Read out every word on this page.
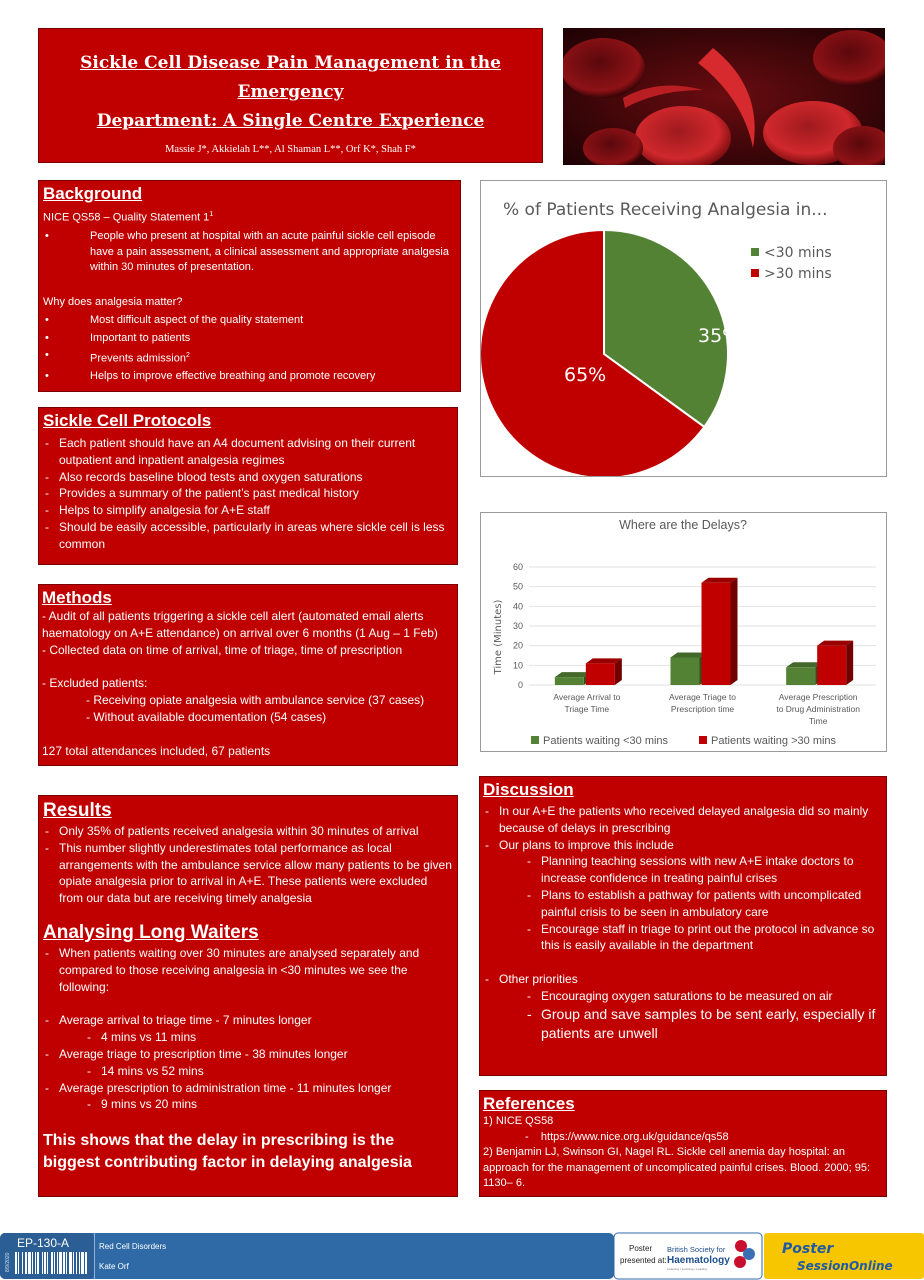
Sickle Cell Disease Pain Management in the Emergency
Department: A Single Centre Experience
Massie J*, Akkielah L**, Al Shaman L**, Orf K*, Shah F*
*Whittington Hospital NHS Trust **King Khalid University Hospital, Riyadh
Background
NICE QS58 – Quality Statement $1^1$
• People who present at hospital with an acute painful sickle cell episode have a pain assessment, a clinical assessment and appropriate analgesia within 30 minutes of presentation.
Why does analgesia matter?
• Most difficult aspect of the quality statement
• Important to patients
• Prevents admission$^2$
• Helps to improve effective breathing and promote recovery
Sickle Cell Protocols
- Each patient should have an A4 document advising on their current outpatient and inpatient analgesia regimes
- Also records baseline blood tests and oxygen saturations
- Provides a summary of the patient’s past medical history
- Helps to simplify analgesia for A+E staff
- Should be easily accessible, particularly in areas where sickle cell is less common
Methods
- Audit of all patients triggering a sickle cell alert (automated email alerts haematology on A+E attendance) on arrival over 6 months (1 Aug – 1 Feb)
- Collected data on time of arrival, time of triage, time of prescription
- Excluded patients:
- Receiving opiate analgesia with ambulance service (37 cases)
- Without available documentation (54 cases)
127 total attendances included, 67 patients
Results
- Only 35% of patients received analgesia within 30 minutes of arrival
- This number slightly underestimates total performance as local arrangements with the ambulance service allow many patients to be given opiate analgesia prior to arrival in A+E. These patients were excluded from our data but are receiving timely analgesia
Analysing Long Waiters
- When patients waiting over 30 minutes are analysed separately and compared to those receiving analgesia in <30 minutes we see the following:
- Average arrival to triage time - 7 minutes longer
- 4 mins vs 11 mins
- Average triage to prescription time - 38 minutes longer
- 14 mins vs 52 mins
- Average prescription to administration time - 11 minutes longer
- 9 mins vs 20 mins
This shows that the delay in prescribing is the biggest contributing factor in delaying analgesia
% of Patients Receiving Analgesia in...
35%
65%
<30 mins
>30 mins
Where are the Delays?
Time (Minutes)
0
10
20
30
40
50
60
Average Arrival to
Triage Time
Average Triage to
Prescription time
Average Prescription
to Drug Administration
Time
Patients waiting <30 mins	Patients waiting >30 mins
Discussion
- In our A+E the patients who received delayed analgesia did so mainly because of delays in prescribing
- Our plans to improve this include
- Planning teaching sessions with new A+E intake doctors to increase confidence in treating painful crises
- Plans to establish a pathway for patients with uncomplicated painful crisis to be seen in ambulatory care
- Encourage staff in triage to print out the protocol in advance so this is easily available in the department
- Other priorities
- Encouraging oxygen saturations to be measured on air
- Group and save samples to be sent early, especially if patients are unwell
References
1) NICE QS58
-    https://www.nice.org.uk/guidance/qs58
2) Benjamin LJ, Swinson GI, Nagel RL. Sickle cell anemia day hospital: an approach for the management of uncomplicated painful crises. Blood. 2000; 95: 1130– 6.
8/9/2020
EP-130-A	Red Cell Disorders
Kate Orf
Poster
presented at:
British Society for
Haematology
Listening • Learning • Leading
Poster
SessionOnline
